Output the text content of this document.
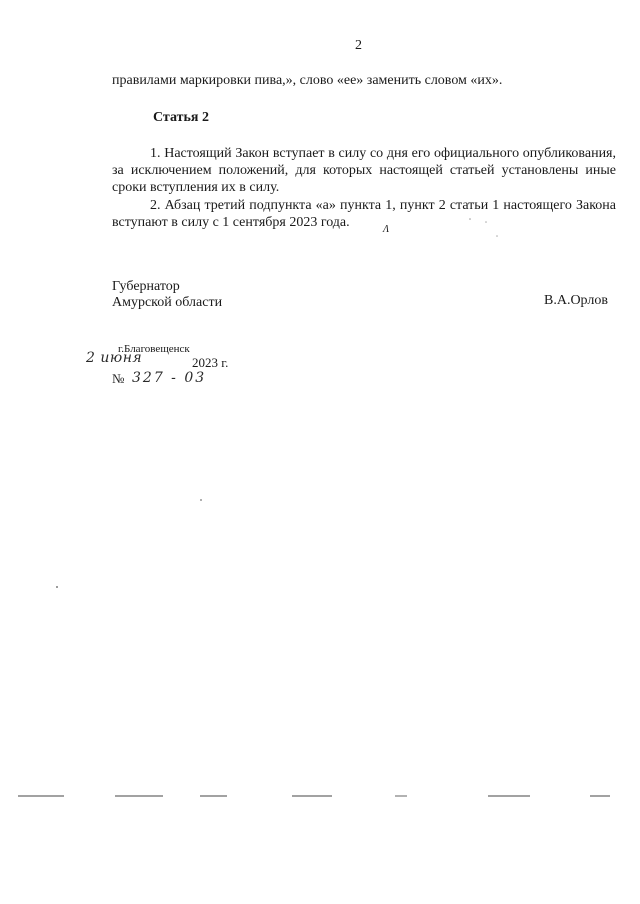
2
правилами маркировки пива,», слово «ее» заменить словом «их».
Статья 2

1. Настоящий Закон вступает в силу со дня его официального опубликования, за исключением положений, для которых настоящей статьей установлены иные сроки вступления их в силу.

2. Абзац третий подпункта «а» пункта 1, пункт 2 статьи 1 настоящего Закона вступают в силу с 1 сентября 2023 года.	Λ
Губернатор
Амурской области	В.А.Орлов
г.Благовещенск
2 июня	2023 г.
№ 327 - 03
